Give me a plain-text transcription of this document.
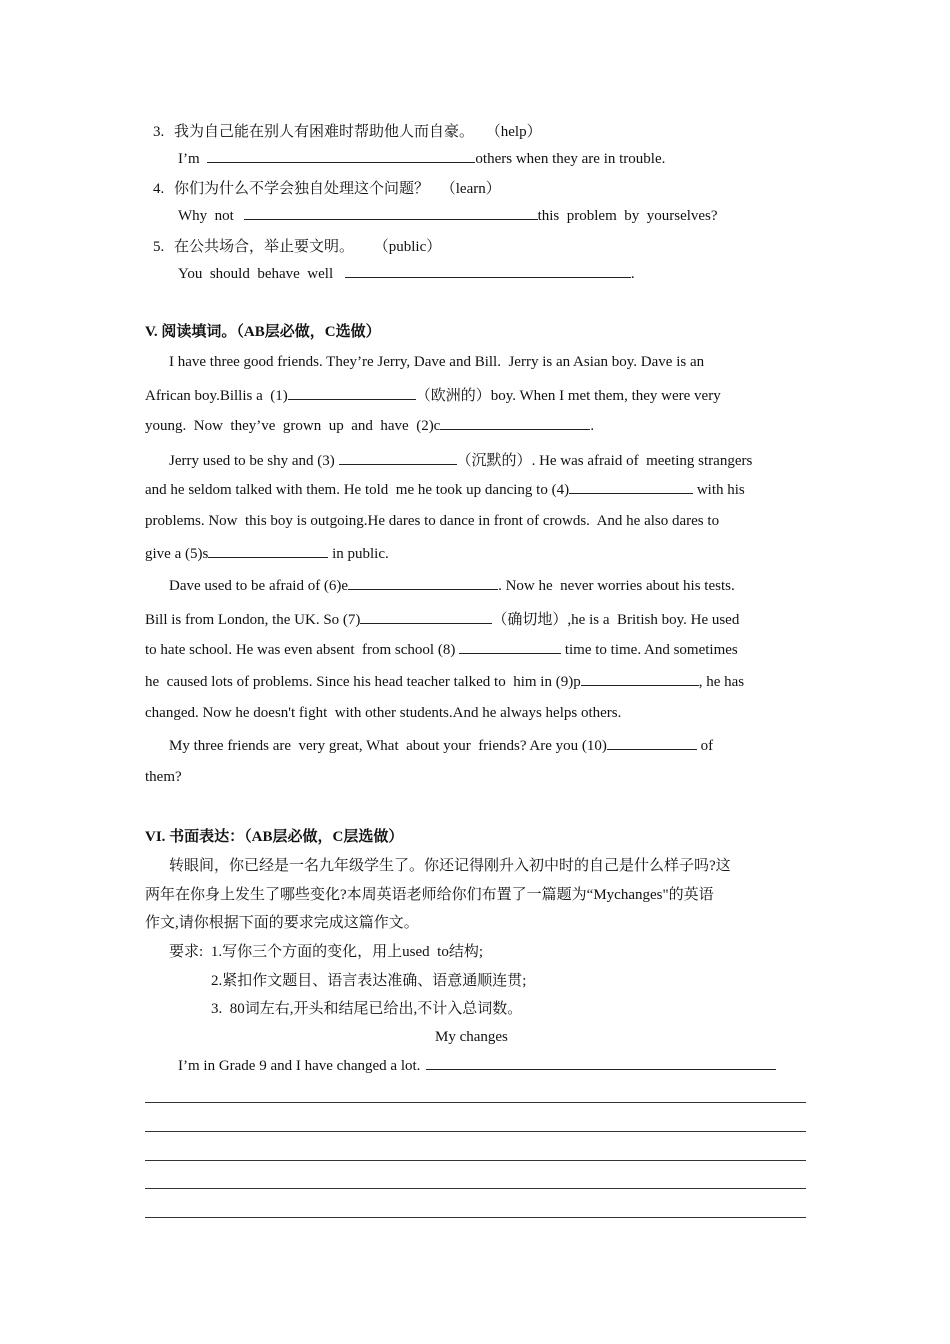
3. 我为自己能在别人有困难时帮助他人而自豪。 （help）
I’m	others when they are in trouble.
4. 你们为什么不学会独自处理这个问题？ （learn）
Why  not	this  problem  by  yourselves?
5. 在公共场合，举止要文明。 （public）
You  should  behave  well	.
V. 阅读填词。（AB层必做，C选做）
I have three good friends. They’re Jerry, Dave and Bill.  Jerry is an Asian boy. Dave is an
African boy.Billis a  (1)	（欧洲的）boy. When I met them, they were very
young.  Now  they’ve  grown  up  and  have  (2)c	.
Jerry used to be shy and (3)	（沉默的）. He was afraid of  meeting strangers
and he seldom talked with them. He told  me he took up dancing to (4)	with his
problems. Now  this boy is outgoing.He dares to dance in front of crowds.  And he also dares to
give a (5)s	in public.
Dave used to be afraid of (6)e	. Now he  never worries about his tests.
Bill is from London, the UK. So (7)	（确切地）,he is a  British boy. He used
to hate school. He was even absent  from school (8)	time to time. And sometimes
he  caused lots of problems. Since his head teacher talked to  him in (9)p	, he has
changed. Now he doesn't fight  with other students.And he always helps others.
My three friends are  very great, What  about your  friends? Are you (10)	of
them?
VI. 书面表达：（AB层必做，C层选做）
转眼间，你已经是一名九年级学生了。你还记得刚升入初中时的自己是什么样子吗?这
两年在你身上发生了哪些变化?本周英语老师给你们布置了一篇题为“Mychanges"的英语
作文,请你根据下面的要求完成这篇作文。
要求: 1.写你三个方面的变化，用上used  to结构;
2.紧扣作文题目、语言表达准确、语意通顺连贯;
3.  80词左右,开头和结尾已给出,不计入总词数。
My changes
I’m in Grade 9 and I have changed a lot.
